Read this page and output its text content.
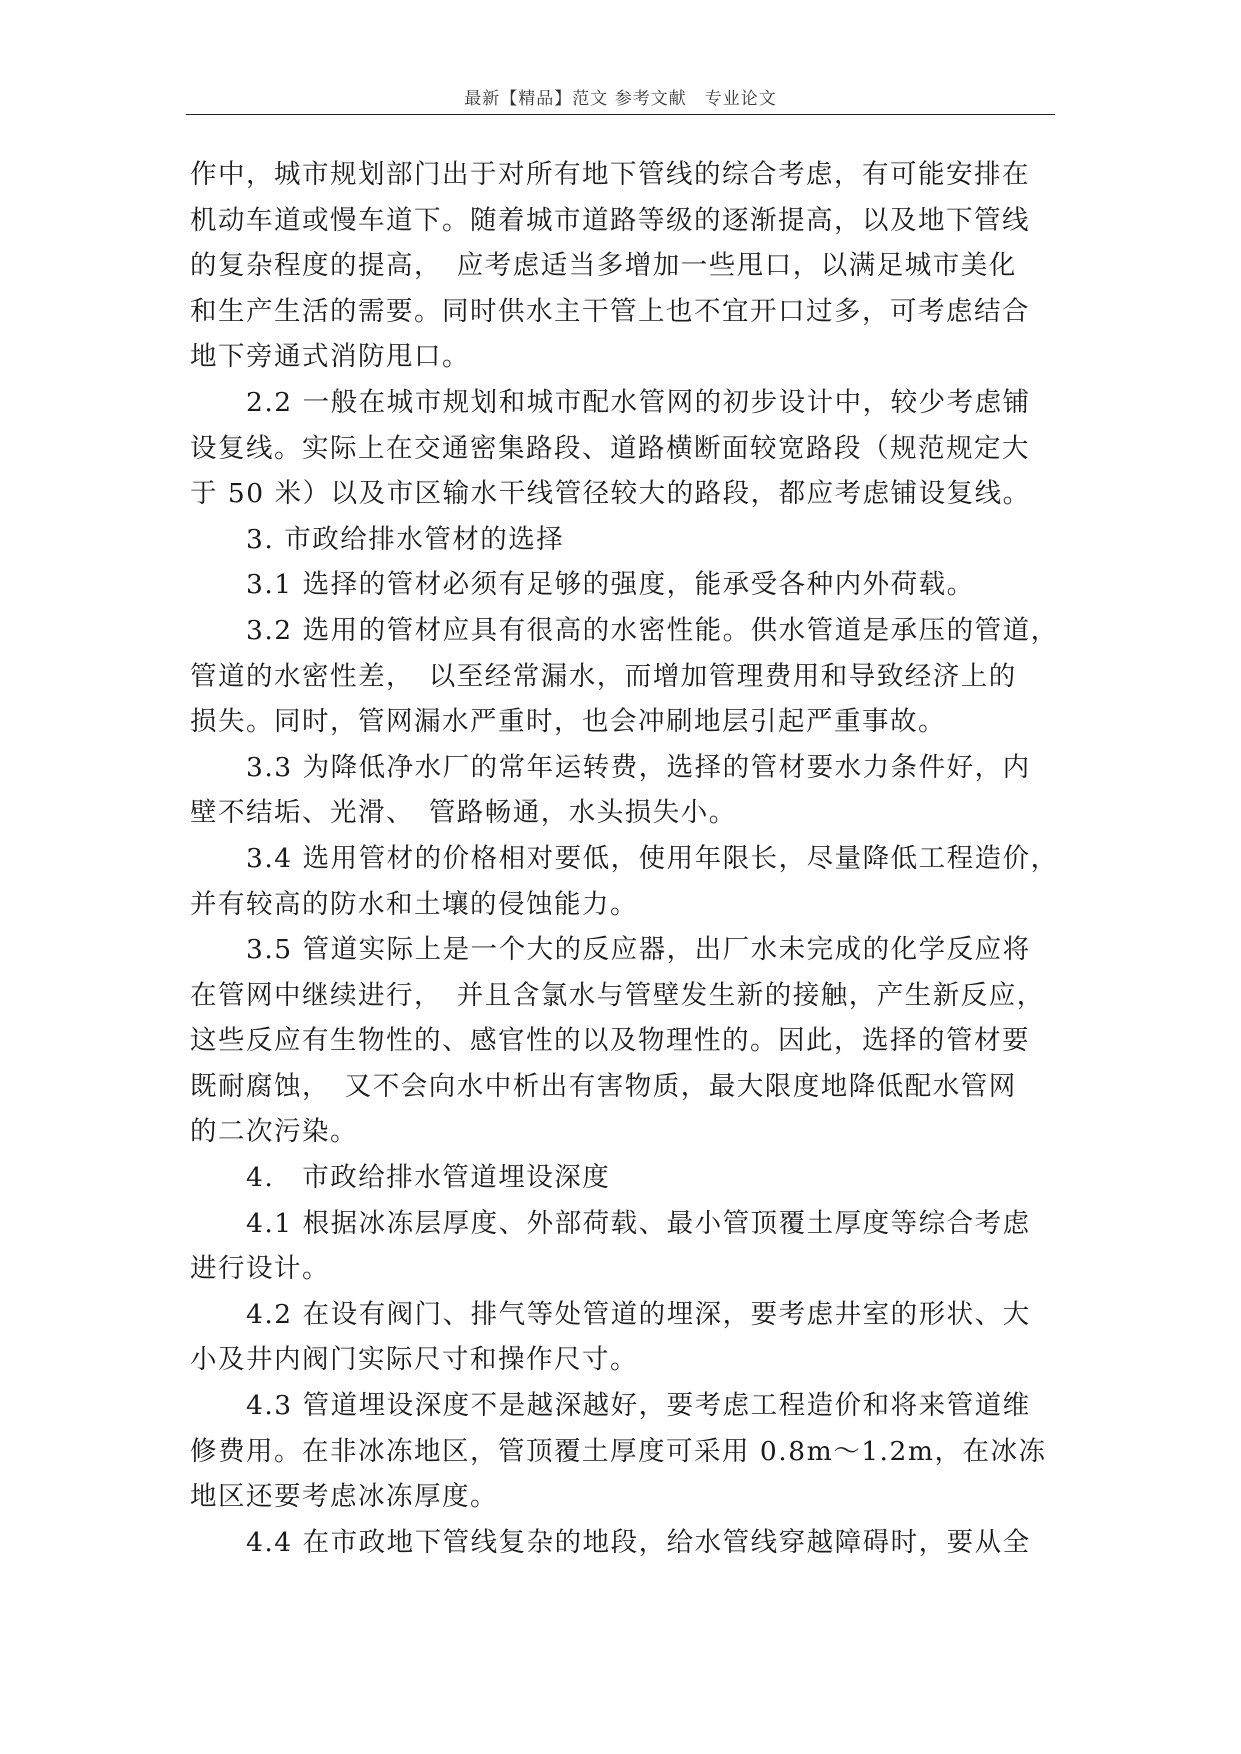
最新【精品】范文 参考文献　专业论文
作中，城市规划部门出于对所有地下管线的综合考虑，有可能安排在
机动车道或慢车道下。随着城市道路等级的逐渐提高，以及地下管线
的复杂程度的提高，　应考虑适当多增加一些甩口，以满足城市美化
和生产生活的需要。同时供水主干管上也不宜开口过多，可考虑结合
地下旁通式消防甩口。
2.2 一般在城市规划和城市配水管网的初步设计中，较少考虑铺
设复线。实际上在交通密集路段、道路横断面较宽路段（规范规定大
于 50 米）以及市区输水干线管径较大的路段，都应考虑铺设复线。
3. 市政给排水管材的选择
3.1 选择的管材必须有足够的强度，能承受各种内外荷载。
3.2 选用的管材应具有很高的水密性能。供水管道是承压的管道，
管道的水密性差，　以至经常漏水，而增加管理费用和导致经济上的
损失。同时，管网漏水严重时，也会冲刷地层引起严重事故。
3.3 为降低净水厂的常年运转费，选择的管材要水力条件好，内
壁不结垢、光滑、　管路畅通，水头损失小。
3.4 选用管材的价格相对要低，使用年限长，尽量降低工程造价，
并有较高的防水和土壤的侵蚀能力。
3.5 管道实际上是一个大的反应器，出厂水未完成的化学反应将
在管网中继续进行，　并且含氯水与管壁发生新的接触，产生新反应，
这些反应有生物性的、感官性的以及物理性的。因此，选择的管材要
既耐腐蚀，　又不会向水中析出有害物质，最大限度地降低配水管网
的二次污染。
4.　市政给排水管道埋设深度
4.1 根据冰冻层厚度、外部荷载、最小管顶覆土厚度等综合考虑
进行设计。
4.2 在设有阀门、排气等处管道的埋深，要考虑井室的形状、大
小及井内阀门实际尺寸和操作尺寸。
4.3 管道埋设深度不是越深越好，要考虑工程造价和将来管道维
修费用。在非冰冻地区，管顶覆土厚度可采用 0.8m～1.2m，在冰冻
地区还要考虑冰冻厚度。
4.4 在市政地下管线复杂的地段，给水管线穿越障碍时，要从全
